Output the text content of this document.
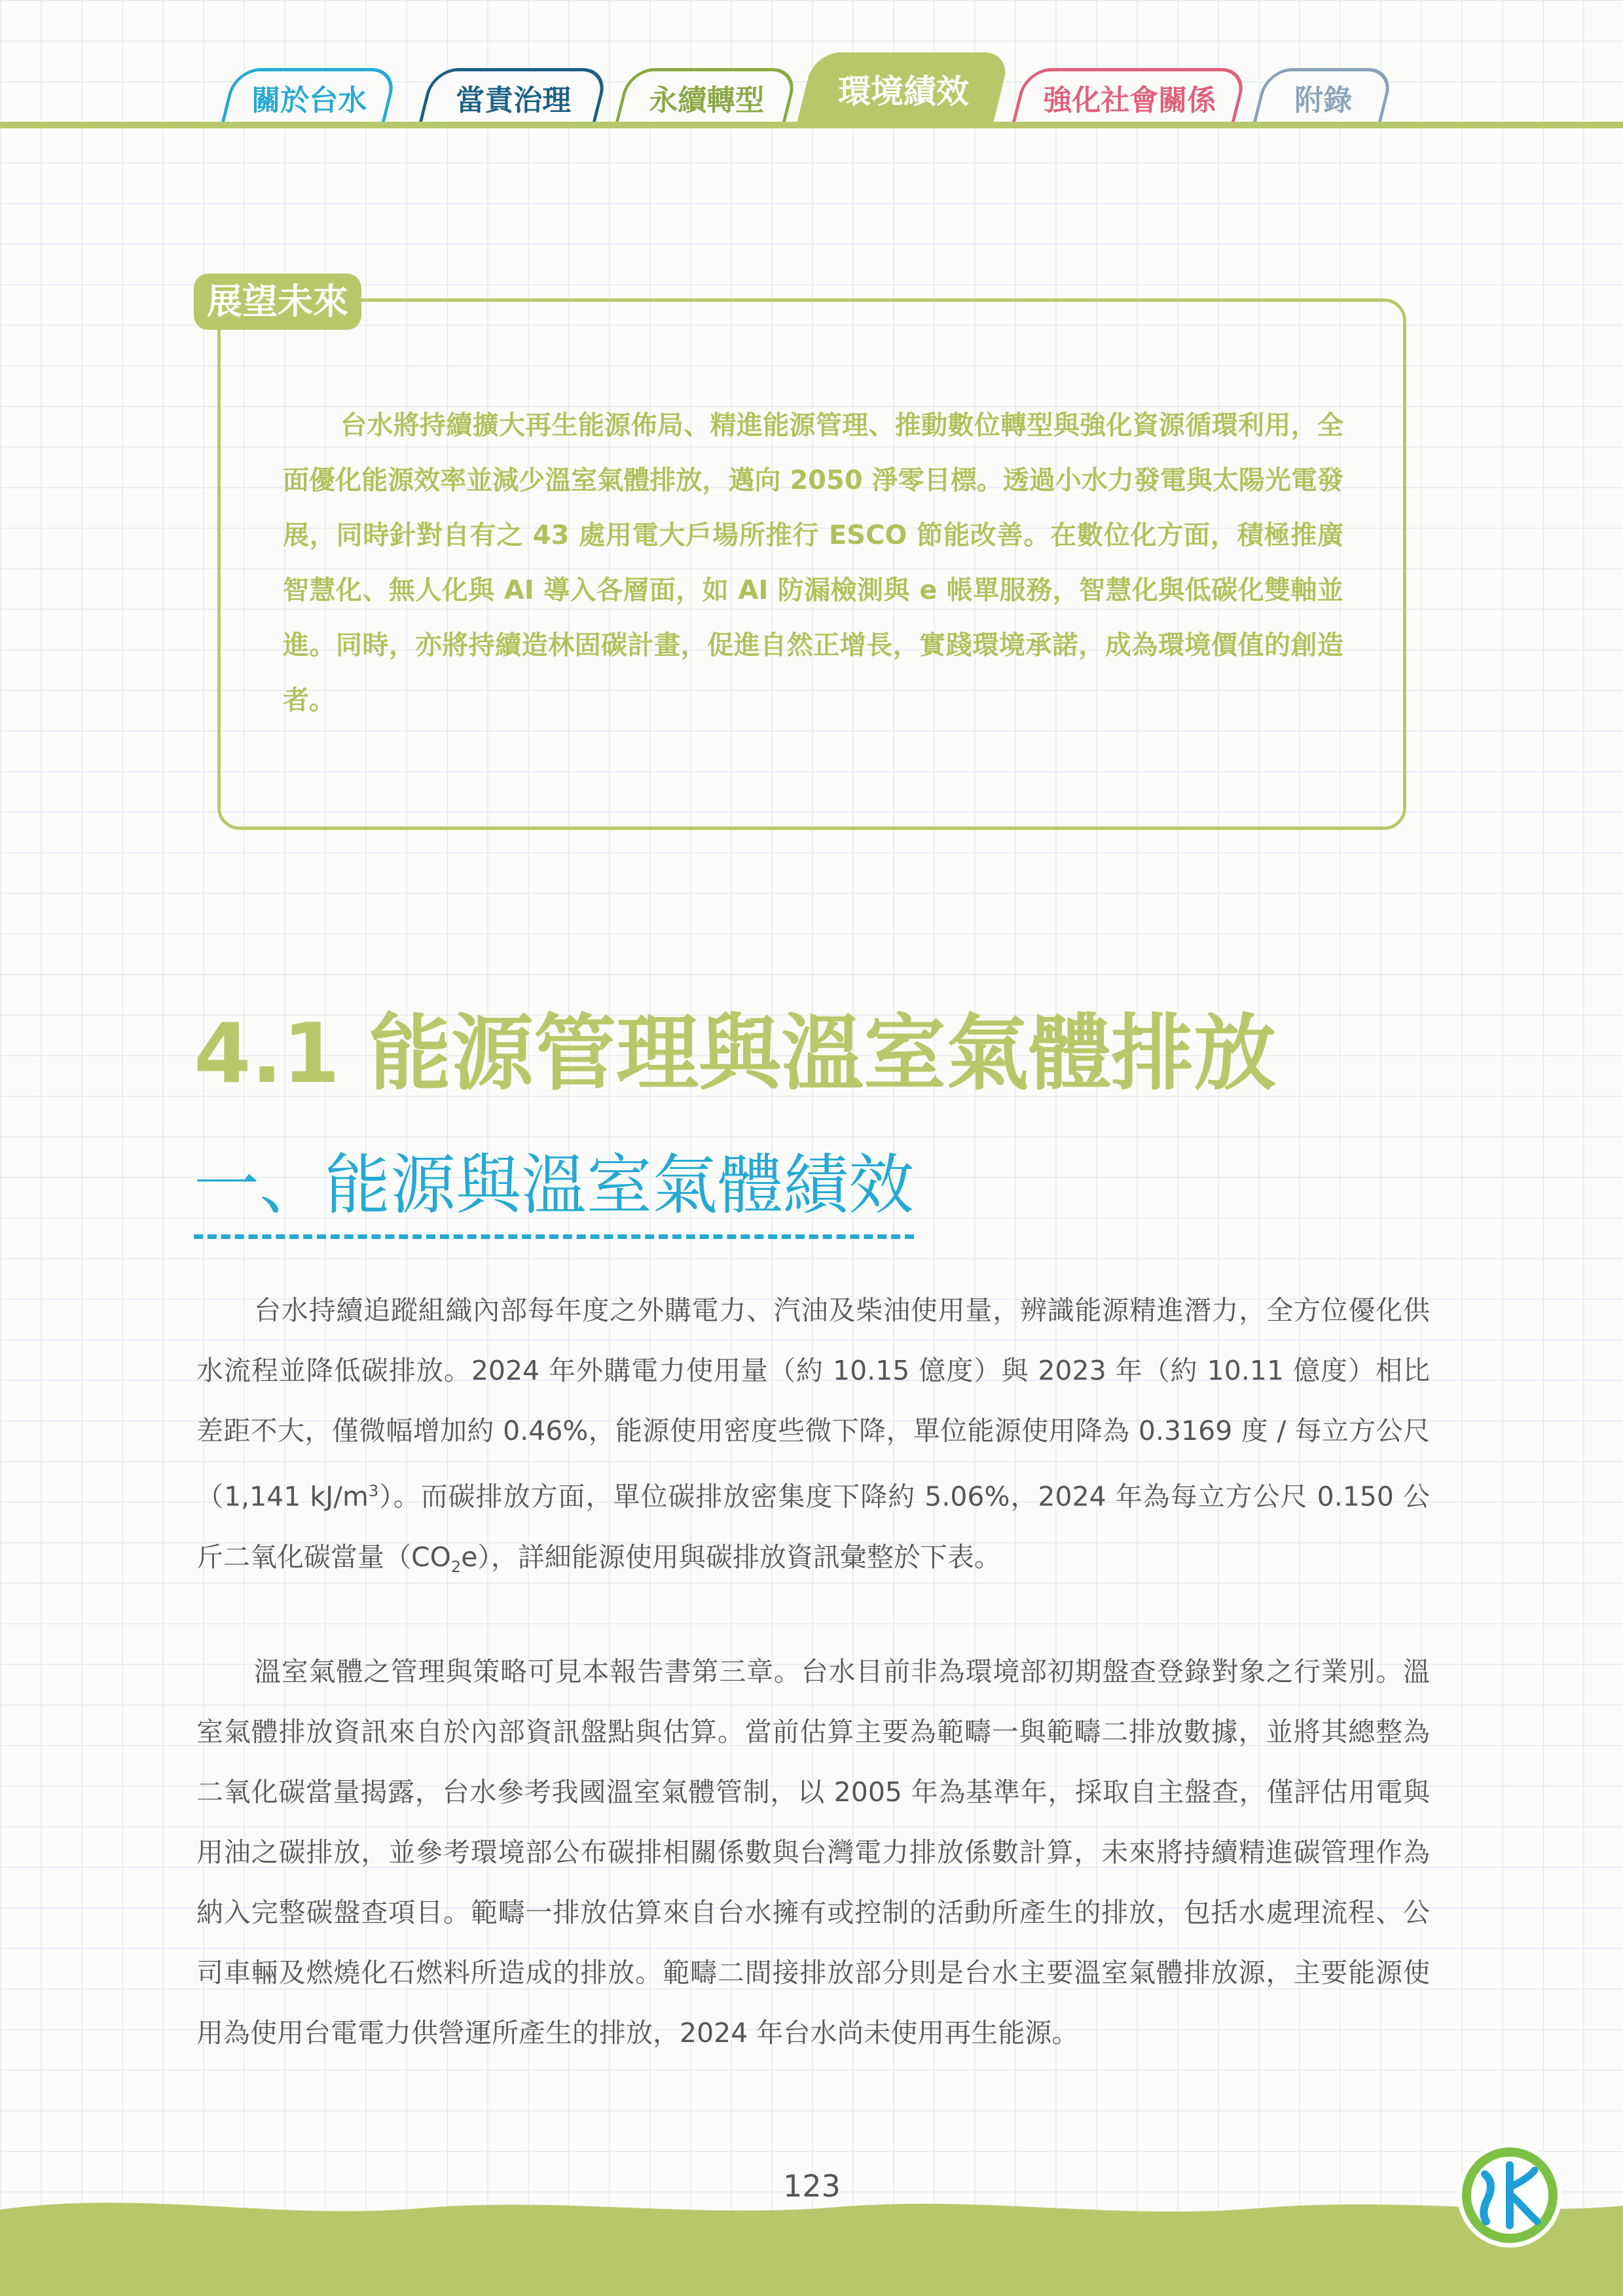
關於台水	當責治理	永續轉型 環境績效	強化社會關係	附錄
展望未來

台水將持續擴大再生能源佈局、精進能源管理、推動數位轉型與強化資源循環利用，全面優化能源效率並減少溫室氣體排放，邁向 2050 淨零目標。透過小水力發電與太陽光電發展，同時針對自有之 43 處用電大戶場所推行 ESCO 節能改善。在數位化方面，積極推廣智慧化、無人化與 AI 導入各層面，如 AI 防漏檢測與 e 帳單服務，智慧化與低碳化雙軸並進。同時，亦將持續造林固碳計畫，促進自然正增長，實踐環境承諾，成為環境價值的創造者。

4.1 能源管理與溫室氣體排放
一、能源與溫室氣體績效

台水持續追蹤組織內部每年度之外購電力、汽油及柴油使用量，辨識能源精進潛力，全方位優化供水流程並降低碳排放。2024 年外購電力使用量（約 10.15 億度）與 2023 年（約 10.11 億度）相比差距不大，僅微幅增加約 0.46%，能源使用密度些微下降，單位能源使用降為 0.3169 度 / 每立方公尺（1,141 $kJ/m^3$）。而碳排放方面，單位碳排放密集度下降約 5.06%，2024 年為每立方公尺 0.150 公斤二氧化碳當量$(CO_2e)$，詳細能源使用與碳排放資訊彙整於下表。

溫室氣體之管理與策略可見本報告書第三章。台水目前非為環境部初期盤查登錄對象之行業別。溫室氣體排放資訊來自於內部資訊盤點與估算。當前估算主要為範疇一與範疇二排放數據，並將其總整為二氧化碳當量揭露，台水參考我國溫室氣體管制，以 2005 年為基準年，採取自主盤查，僅評估用電與用油之碳排放，並參考環境部公布碳排相關係數與台灣電力排放係數計算，未來將持續精進碳管理作為納入完整碳盤查項目。範疇一排放估算來自台水擁有或控制的活動所產生的排放，包括水處理流程、公司車輛及燃燒化石燃料所造成的排放。範疇二間接排放部分則是台水主要溫室氣體排放源，主要能源使用為使用台電電力供營運所產生的排放，2024 年台水尚未使用再生能源。

123
